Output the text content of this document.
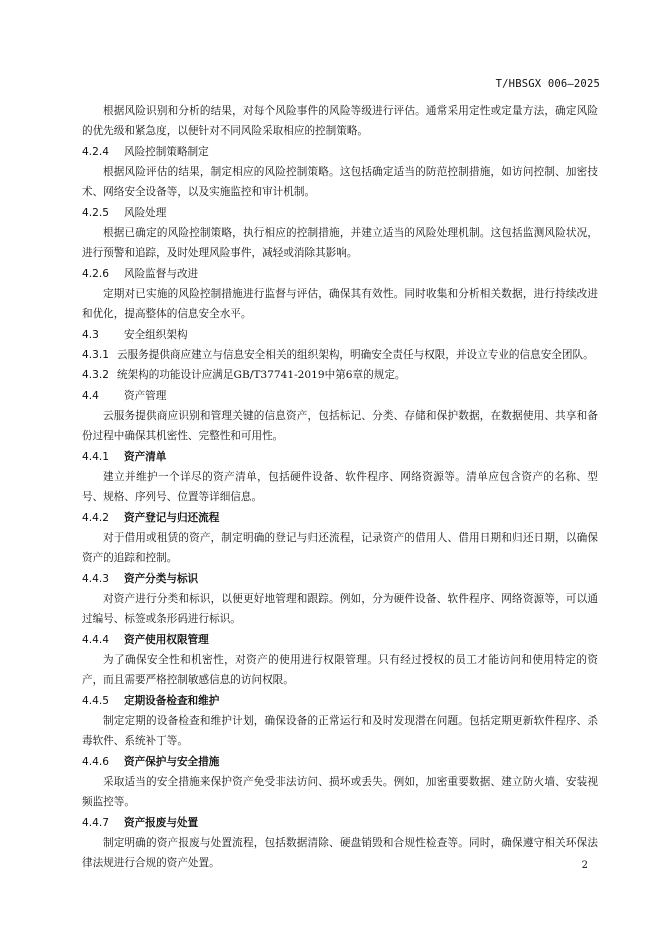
T/HBSGX 006—2025

根据风险识别和分析的结果，对每个风险事件的风险等级进行评估。通常采用定性或定量方法，确定风险的优先级和紧急度，以便针对不同风险采取相应的控制策略。

4.2.4 风险控制策略制定

根据风险评估的结果，制定相应的风险控制策略。这包括确定适当的防范控制措施，如访问控制、加密技术、网络安全设备等，以及实施监控和审计机制。

4.2.5 风险处理

根据已确定的风险控制策略，执行相应的控制措施，并建立适当的风险处理机制。这包括监测风险状况，进行预警和追踪，及时处理风险事件，减轻或消除其影响。

4.2.6 风险监督与改进

定期对已实施的风险控制措施进行监督与评估，确保其有效性。同时收集和分析相关数据，进行持续改进和优化，提高整体的信息安全水平。

4.3 安全组织架构

4.3.1 云服务提供商应建立与信息安全相关的组织架构，明确安全责任与权限，并设立专业的信息安全团队。

4.3.2 统架构的功能设计应满足GB/T37741-2019中第6章的规定。

4.4 资产管理

云服务提供商应识别和管理关键的信息资产，包括标记、分类、存储和保护数据，在数据使用、共享和备份过程中确保其机密性、完整性和可用性。

4.4.1 资产清单

建立并维护一个详尽的资产清单，包括硬件设备、软件程序、网络资源等。清单应包含资产的名称、型号、规格、序列号、位置等详细信息。

4.4.2 资产登记与归还流程

对于借用或租赁的资产，制定明确的登记与归还流程，记录资产的借用人、借用日期和归还日期，以确保资产的追踪和控制。

4.4.3 资产分类与标识

对资产进行分类和标识，以便更好地管理和跟踪。例如，分为硬件设备、软件程序、网络资源等，可以通过编号、标签或条形码进行标识。

4.4.4 资产使用权限管理

为了确保安全性和机密性，对资产的使用进行权限管理。只有经过授权的员工才能访问和使用特定的资产，而且需要严格控制敏感信息的访问权限。

4.4.5 定期设备检查和维护

制定定期的设备检查和维护计划，确保设备的正常运行和及时发现潜在问题。包括定期更新软件程序、杀毒软件、系统补丁等。

4.4.6 资产保护与安全措施

采取适当的安全措施来保护资产免受非法访问、损坏或丢失。例如，加密重要数据、建立防火墙、安装视频监控等。

4.4.7 资产报废与处置

制定明确的资产报废与处置流程，包括数据清除、硬盘销毁和合规性检查等。同时，确保遵守相关环保法律法规进行合规的资产处置。	2
